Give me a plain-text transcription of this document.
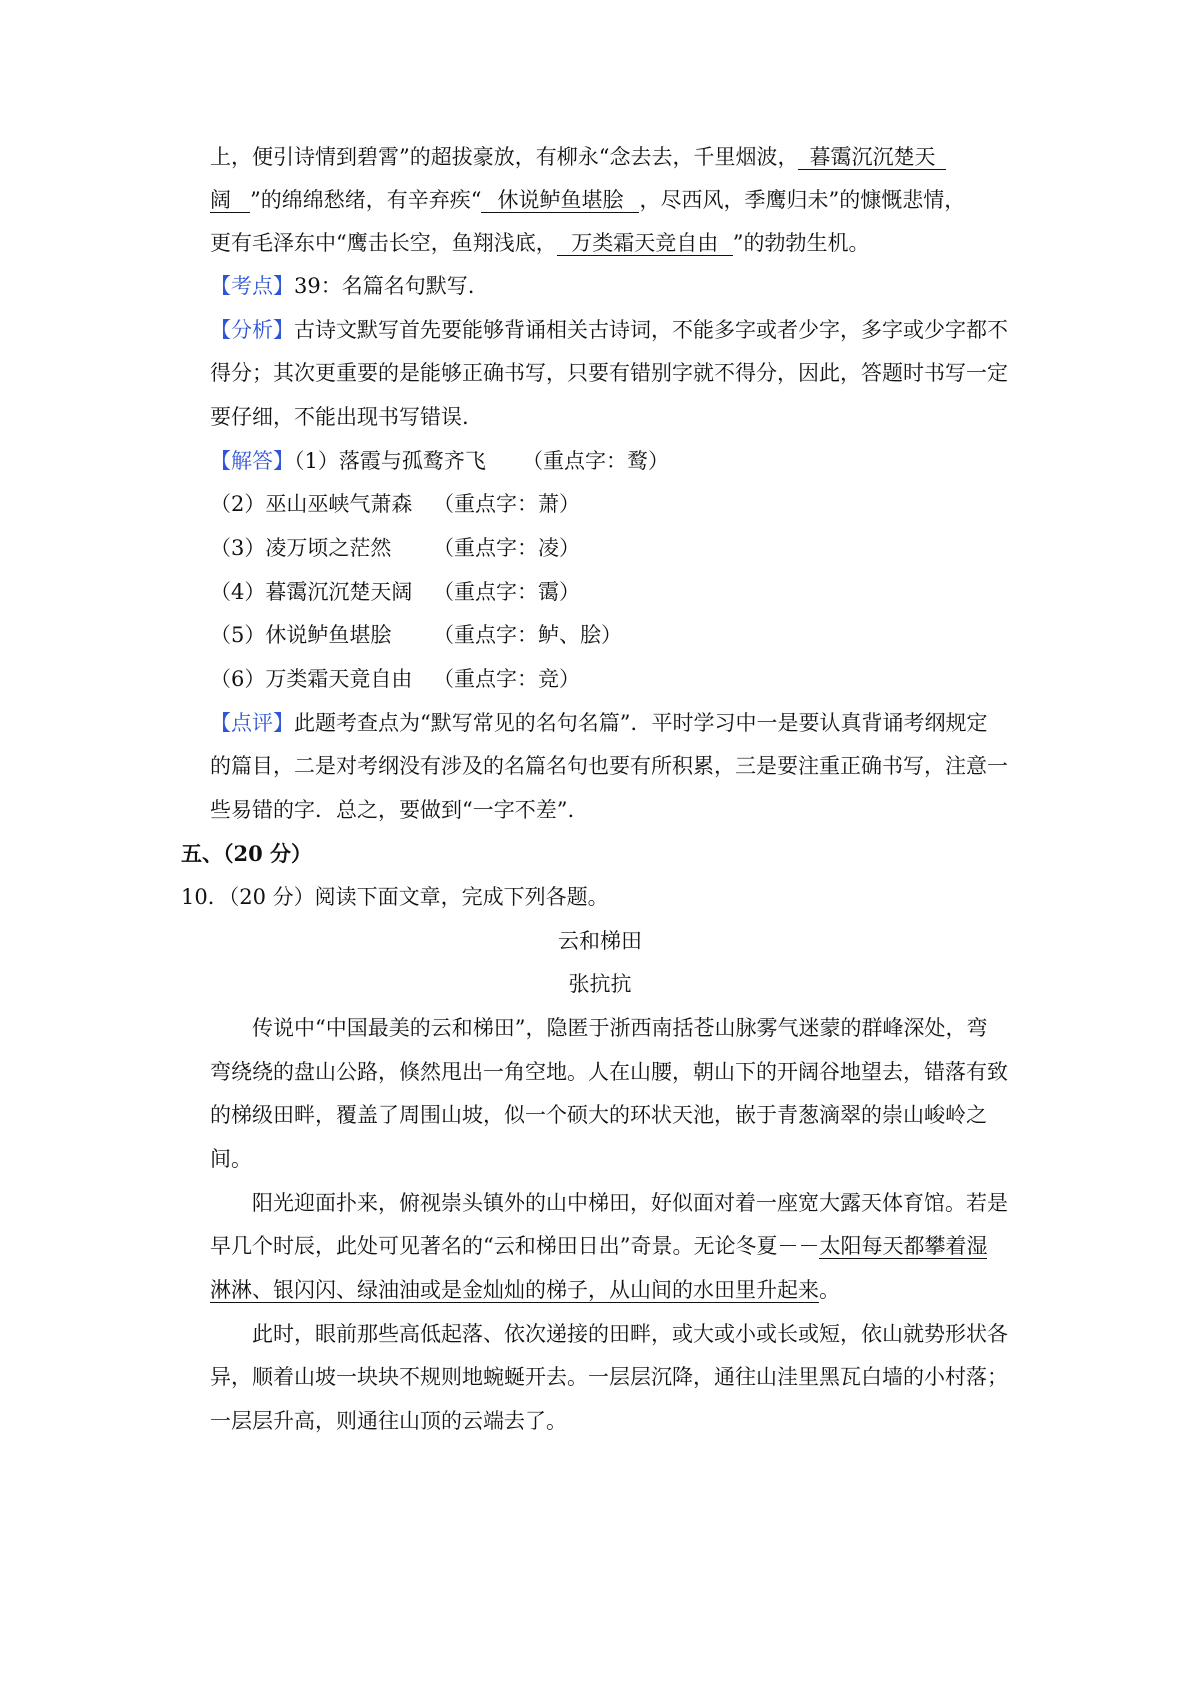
上，便引诗情到碧霄”的超拔豪放，有柳永“念去去，千里烟波， 暮霭沉沉楚天
阔 ”的绵绵愁绪，有辛弃疾“ 休说鲈鱼堪脍 ，尽西风，季鹰归未”的慷慨悲情，
更有毛泽东中“鹰击长空，鱼翔浅底， 万类霜天竞自由 ”的勃勃生机。
【考点】39：名篇名句默写.
【分析】古诗文默写首先要能够背诵相关古诗词，不能多字或者少字，多字或少字都不
得分；其次更重要的是能够正确书写，只要有错别字就不得分，因此，答题时书写一定
要仔细，不能出现书写错误.
【解答】（1）落霞与孤鹜齐飞 （重点字：鹜）
（2）巫山巫峡气萧森 （重点字：萧）
（3）凌万顷之茫然 （重点字：凌）
（4）暮霭沉沉楚天阔 （重点字：霭）
（5）休说鲈鱼堪脍 （重点字：鲈、脍）
（6）万类霜天竟自由 （重点字：竞）
【点评】此题考查点为“默写常见的名句名篇”．平时学习中一是要认真背诵考纲规定
的篇目，二是对考纲没有涉及的名篇名句也要有所积累，三是要注重正确书写，注意一
些易错的字．总之，要做到“一字不差”.
五、（20 分）
10．（20 分）阅读下面文章，完成下列各题。
云和梯田
张抗抗
传说中“中国最美的云和梯田”，隐匿于浙西南括苍山脉雾气迷蒙的群峰深处，弯
弯绕绕的盘山公路，倏然甩出一角空地。人在山腰，朝山下的开阔谷地望去，错落有致
的梯级田畔，覆盖了周围山坡，似一个硕大的环状天池，嵌于青葱滴翠的崇山峻岭之
间。
阳光迎面扑来，俯视崇头镇外的山中梯田，好似面对着一座宽大露天体育馆。若是
早几个时辰，此处可见著名的“云和梯田日出”奇景。无论冬夏－－太阳每天都攀着湿
淋淋、银闪闪、绿油油或是金灿灿的梯子，从山间的水田里升起来。
此时，眼前那些高低起落、依次递接的田畔，或大或小或长或短，依山就势形状各
异，顺着山坡一块块不规则地蜿蜒开去。一层层沉降，通往山洼里黑瓦白墙的小村落；
一层层升高，则通往山顶的云端去了。
